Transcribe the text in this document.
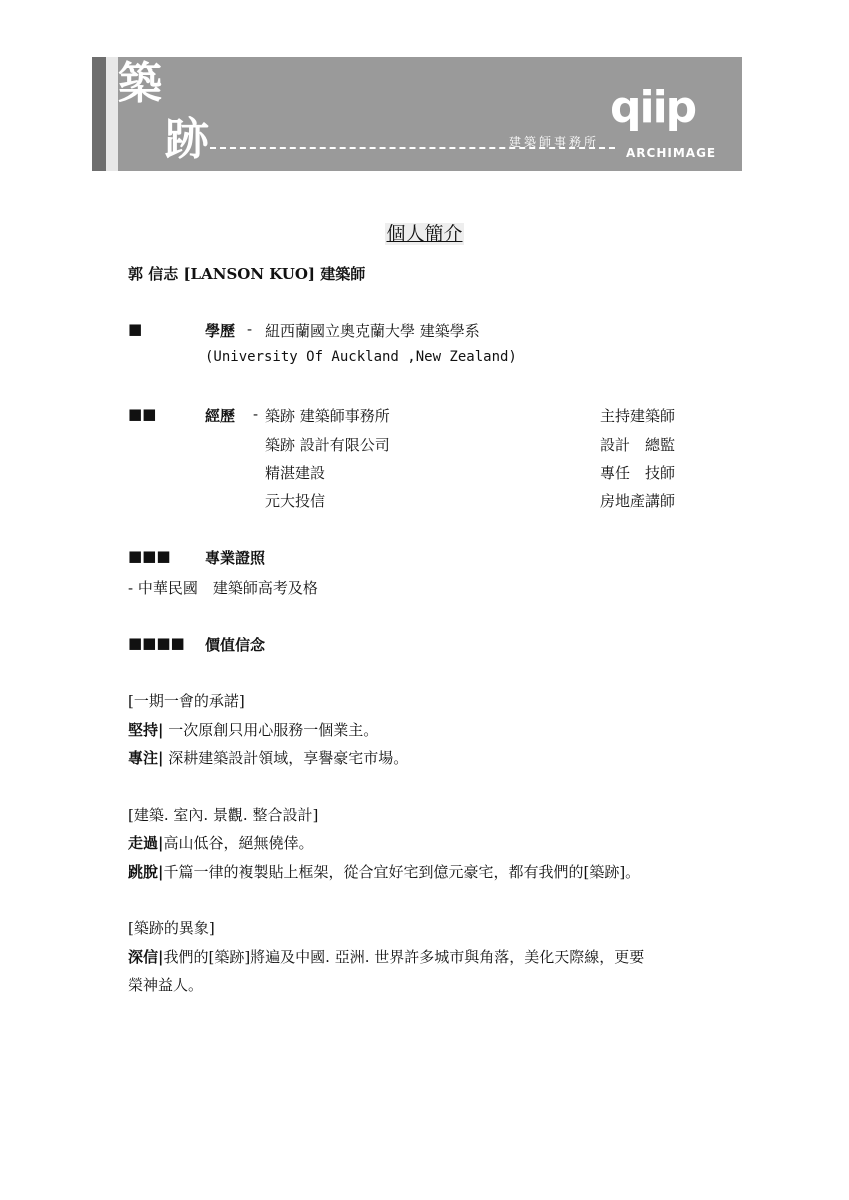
築
跡	建築師事務所
qiip
ARCHIMAGE
個人簡介
郭 信志 [LANSON KUO] 建築師
■	學歷 - 紐西蘭國立奧克蘭大學 建築學系
(University Of Auckland ,New Zealand)
■■	經歷 - 築跡 建築師事務所	主持建築師
築跡 設計有限公司	設計　總監
精湛建設	專任　技師
元大投信	房地產講師
■■■ 專業證照
- 中華民國　建築師高考及格
■■■■ 價值信念
[一期一會的承諾]
堅持| 一次原創只用心服務一個業主。
專注| 深耕建築設計領域，享譽豪宅市場。
[建築. 室內. 景觀. 整合設計]
走過|高山低谷，絕無僥倖。
跳脫|千篇一律的複製貼上框架，從合宜好宅到億元豪宅，都有我們的[築跡]。
[築跡的異象]
深信|我們的[築跡]將遍及中國. 亞洲. 世界許多城市與角落，美化天際線，更要
榮神益人。
